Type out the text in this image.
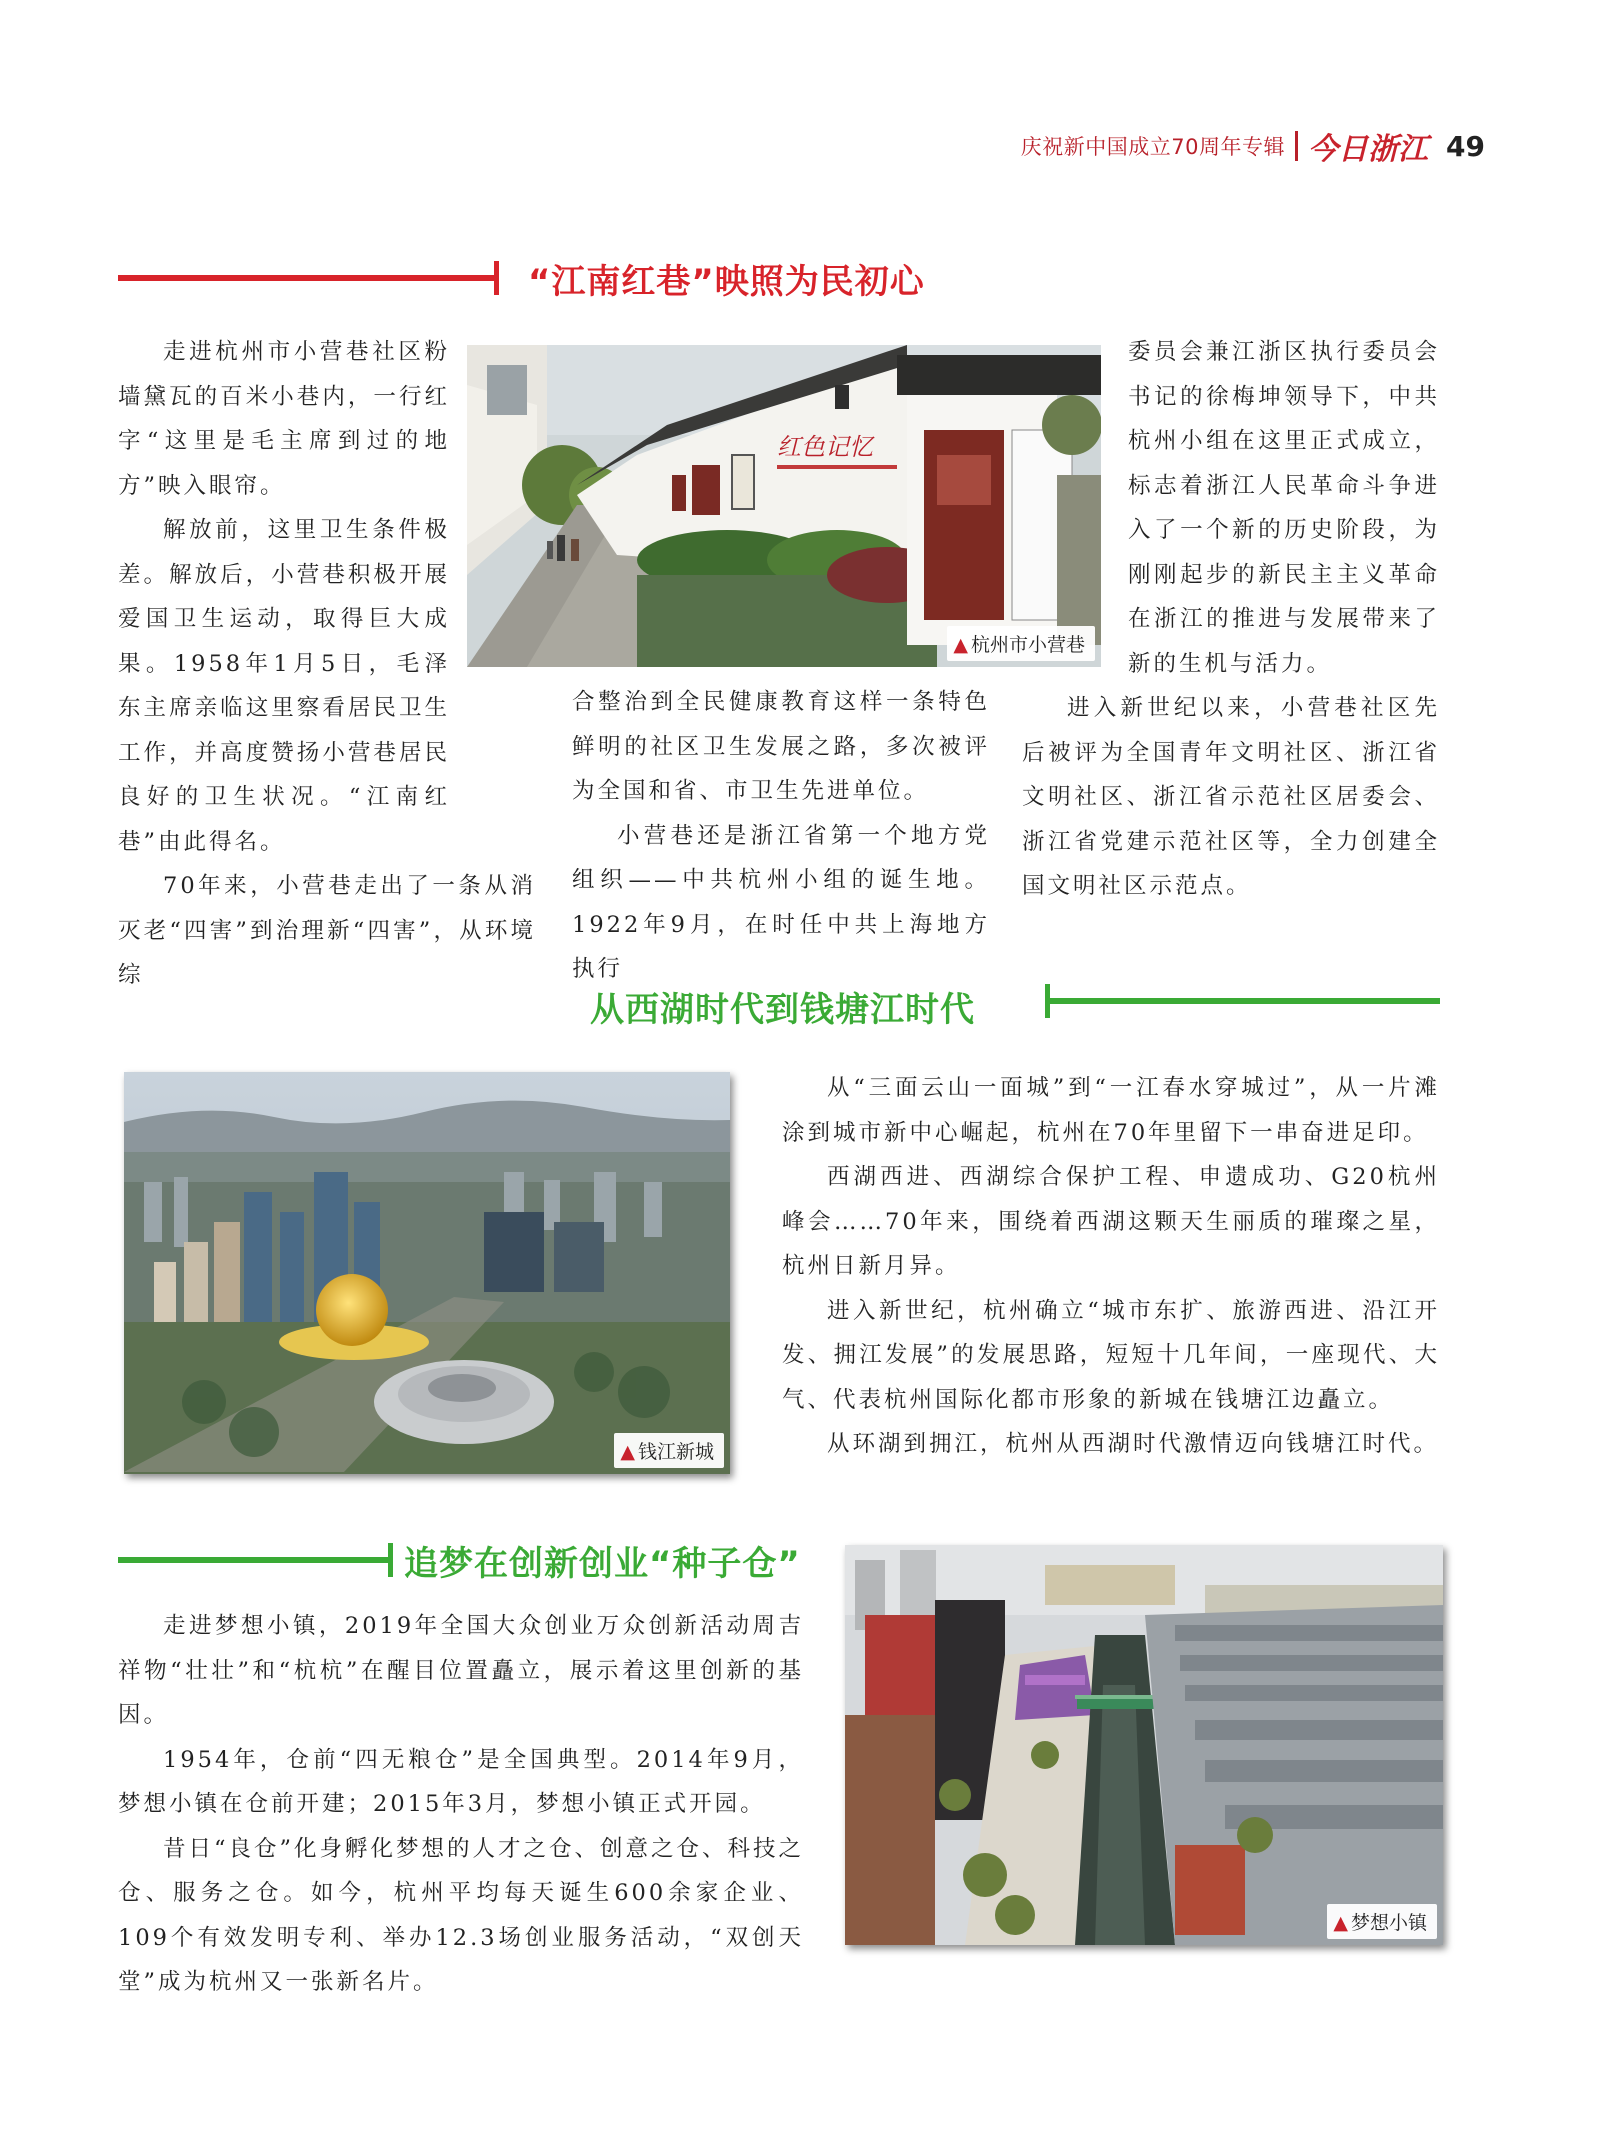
庆祝新中国成立70周年专辑 今日浙江 49
“江南红巷”映照为民初心

走进杭州市小营巷社区粉墙黛瓦的百米小巷内，一行红字“这里是毛主席到过的地方”映入眼帘。

解放前，这里卫生条件极差。解放后，小营巷积极开展爱国卫生运动，取得巨大成果。1958年1月5日，毛泽东主席亲临这里察看居民卫生工作，并高度赞扬小营巷居民良好的卫生状况。“江南红巷”由此得名。

70年来，小营巷走出了一条从消灭老“四害”到治理新“四害”，从环境综

合整治到全民健康教育这样一条特色鲜明的社区卫生发展之路，多次被评为全国和省、市卫生先进单位。

小营巷还是浙江省第一个地方党组织——中共杭州小组的诞生地。1922年9月，在时任中共上海地方执行

委员会兼江浙区执行委员会书记的徐梅坤领导下，中共杭州小组在这里正式成立，标志着浙江人民革命斗争进入了一个新的历史阶段，为刚刚起步的新民主主义革命在浙江的推进与发展带来了新的生机与活力。

进入新世纪以来，小营巷社区先后被评为全国青年文明社区、浙江省文明社区、浙江省示范社区居委会、浙江省党建示范社区等，全力创建全国文明社区示范点。

红色记忆
▲ 杭州市小营巷
从西湖时代到钱塘江时代
▲ 钱江新城

从“三面云山一面城”到“一江春水穿城过”，从一片滩涂到城市新中心崛起，杭州在70年里留下一串奋进足印。

西湖西进、西湖综合保护工程、申遗成功、G20杭州峰会……70年来，围绕着西湖这颗天生丽质的璀璨之星，杭州日新月异。

进入新世纪，杭州确立“城市东扩、旅游西进、沿江开发、拥江发展”的发展思路，短短十几年间，一座现代、大气、代表杭州国际化都市形象的新城在钱塘江边矗立。

从环湖到拥江，杭州从西湖时代激情迈向钱塘江时代。

追梦在创新创业“种子仓”

走进梦想小镇，2019年全国大众创业万众创新活动周吉祥物“壮壮”和“杭杭”在醒目位置矗立，展示着这里创新的基因。

1954年，仓前“四无粮仓”是全国典型。2014年9月，梦想小镇在仓前开建；2015年3月，梦想小镇正式开园。

昔日“良仓”化身孵化梦想的人才之仓、创意之仓、科技之仓、服务之仓。如今，杭州平均每天诞生600余家企业、109个有效发明专利、举办12.3场创业服务活动，“双创天堂”成为杭州又一张新名片。

▲ 梦想小镇
